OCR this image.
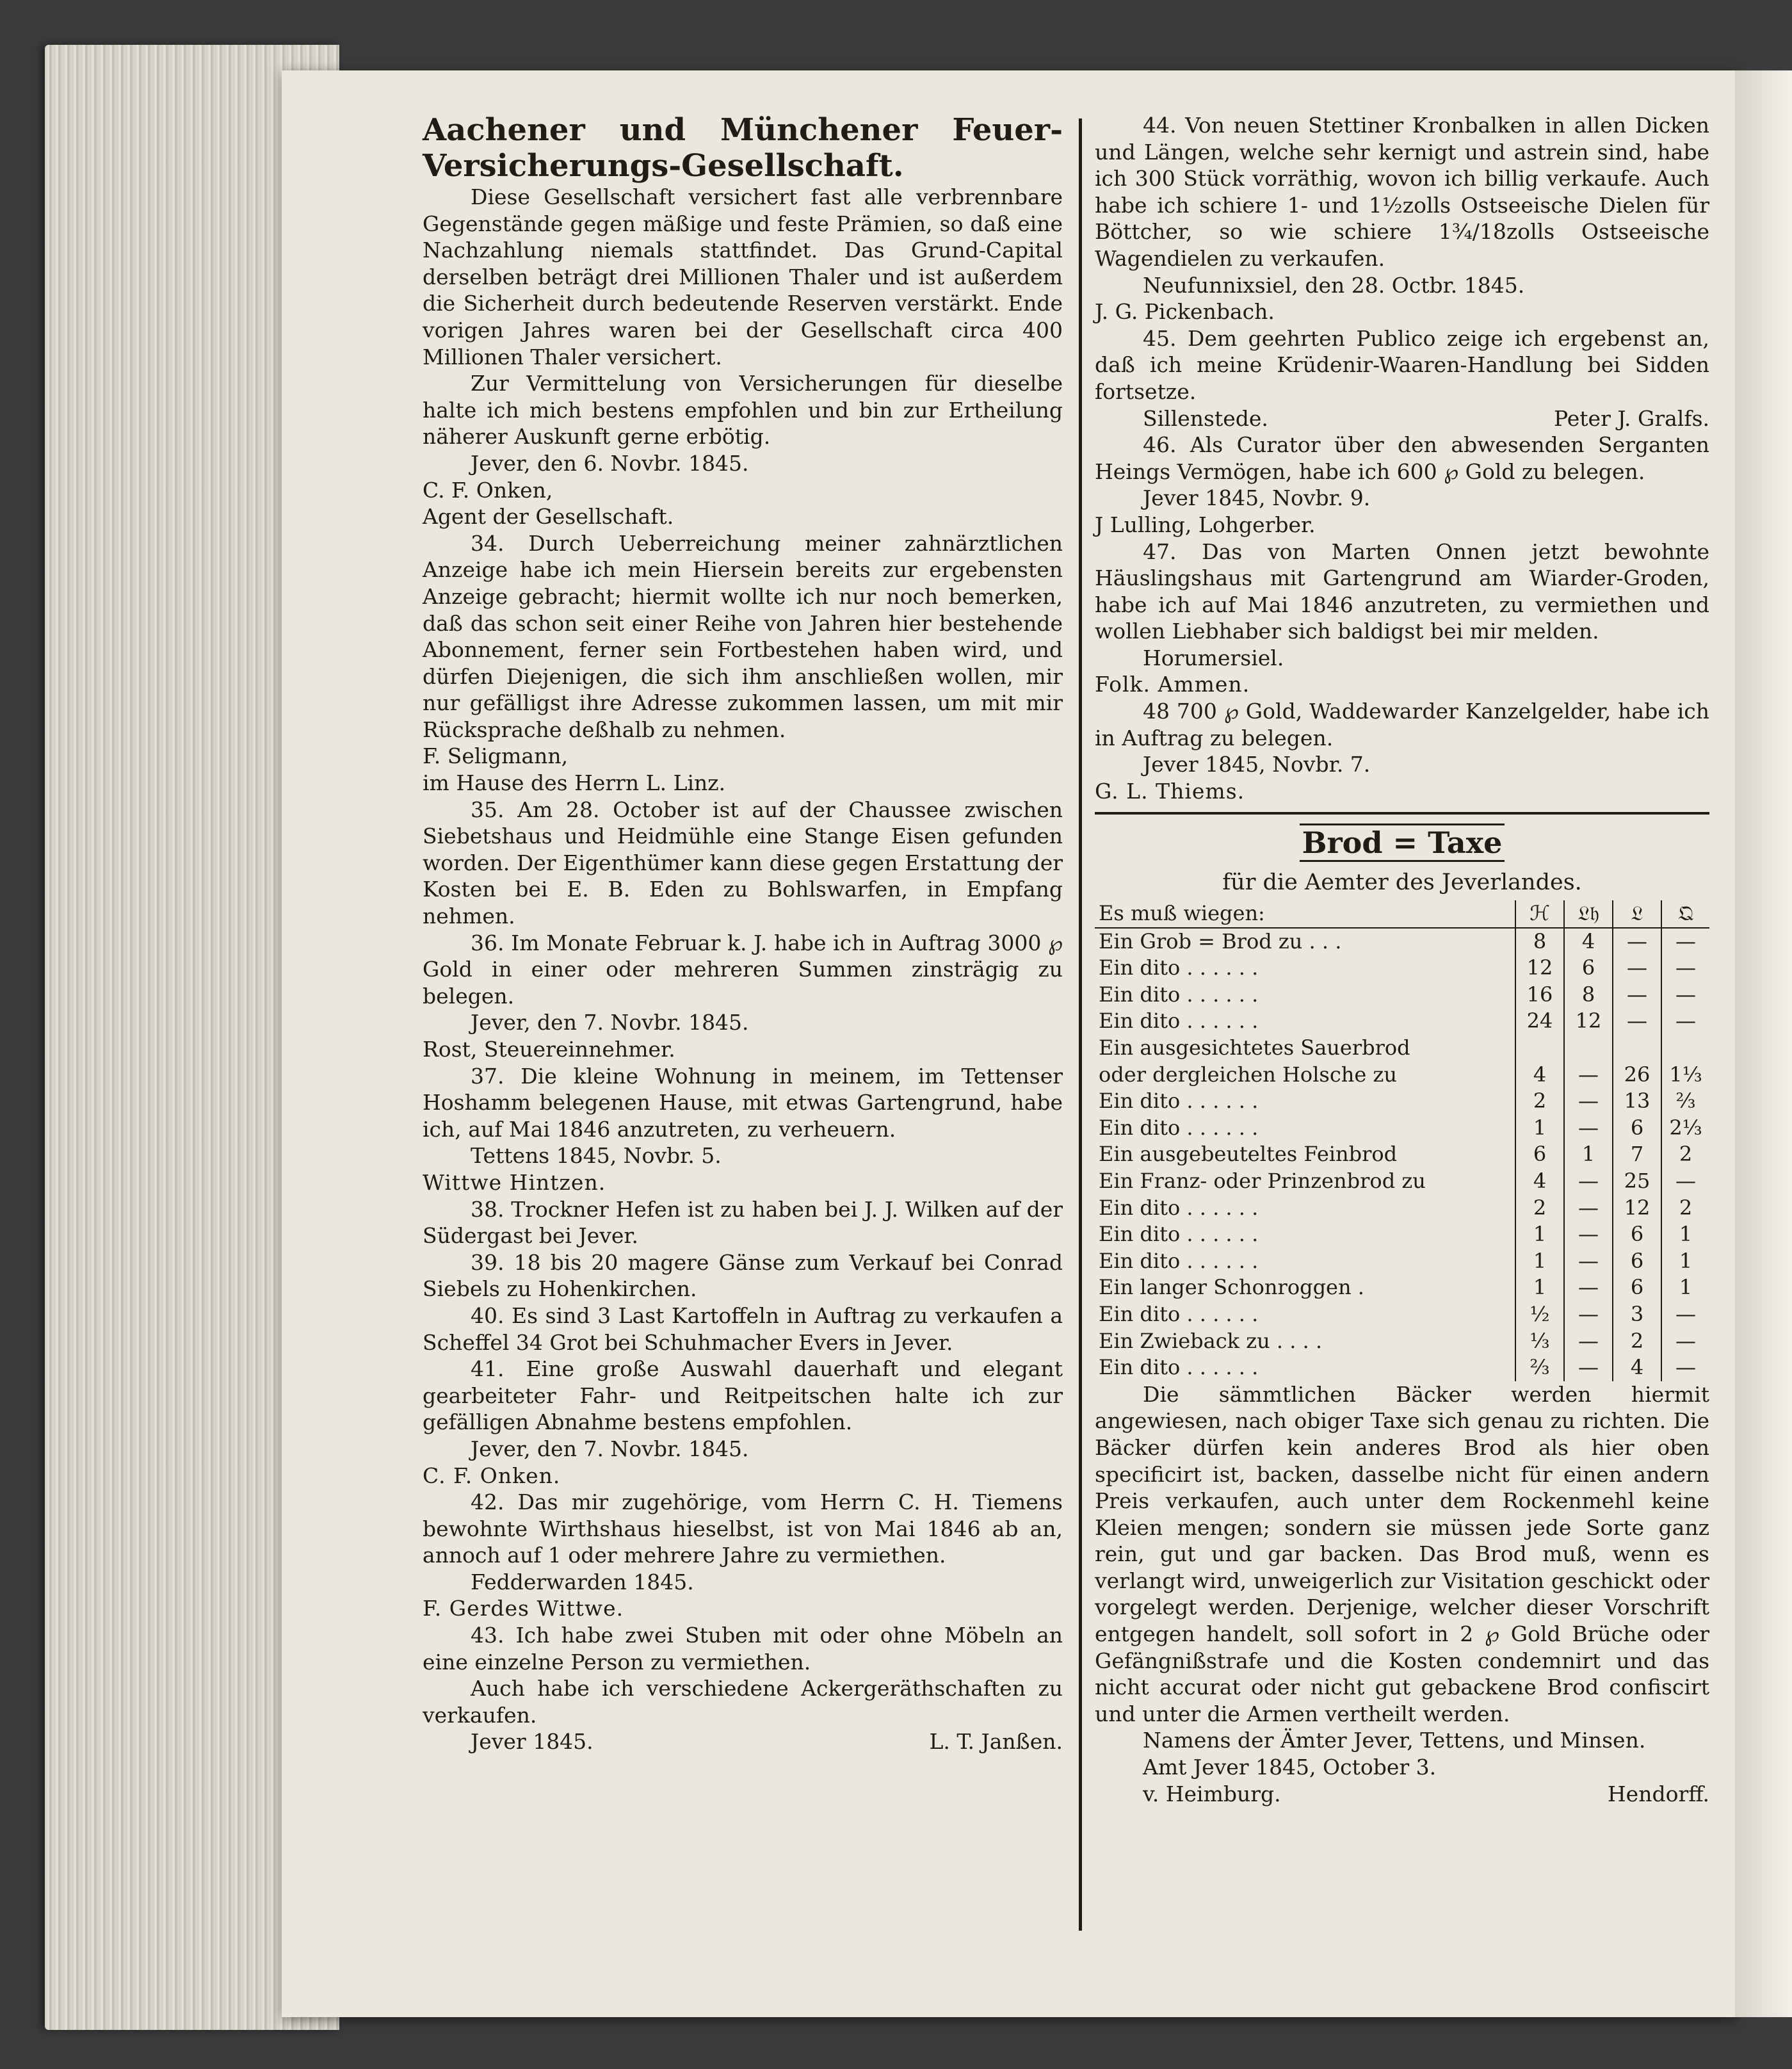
Aachener und Münchener Feuer-Versicherungs-Gesellschaft.

Diese Gesellschaft versichert fast alle verbrennbare Gegenstände gegen mäßige und feste Prämien, so daß eine Nachzahlung niemals stattfindet. Das Grund-Capital derselben beträgt drei Millionen Thaler und ist außerdem die Sicherheit durch bedeutende Reserven verstärkt. Ende vorigen Jahres waren bei der Gesellschaft circa 400 Millionen Thaler versichert.

Zur Vermittelung von Versicherungen für dieselbe halte ich mich bestens empfohlen und bin zur Ertheilung näherer Auskunft gerne erbötig.

Jever, den 6. Novbr. 1845.

C. F. Onken,

Agent der Gesellschaft.

34. Durch Ueberreichung meiner zahnärztlichen Anzeige habe ich mein Hiersein bereits zur ergebensten Anzeige gebracht; hiermit wollte ich nur noch bemerken, daß das schon seit einer Reihe von Jahren hier bestehende Abonnement, ferner sein Fortbestehen haben wird, und dürfen Diejenigen, die sich ihm anschließen wollen, mir nur gefälligst ihre Adresse zukommen lassen, um mit mir Rücksprache deßhalb zu nehmen.

F. Seligmann,

im Hause des Herrn L. Linz.

35. Am 28. October ist auf der Chaussee zwischen Siebetshaus und Heidmühle eine Stange Eisen gefunden worden. Der Eigenthümer kann diese gegen Erstattung der Kosten bei E. B. Eden zu Bohlswarfen, in Empfang nehmen.

36. Im Monate Februar k. J. habe ich in Auftrag 3000 ℘ Gold in einer oder mehreren Summen zinsträgig zu belegen.

Jever, den 7. Novbr. 1845.

Rost, Steuereinnehmer.

37. Die kleine Wohnung in meinem, im Tettenser Hoshamm belegenen Hause, mit etwas Gartengrund, habe ich, auf Mai 1846 anzutreten, zu verheuern.

Tettens 1845, Novbr. 5.

Wittwe Hintzen.

38. Trockner Hefen ist zu haben bei J. J. Wilken auf der Südergast bei Jever.

39. 18 bis 20 magere Gänse zum Verkauf bei Conrad Siebels zu Hohenkirchen.

40. Es sind 3 Last Kartoffeln in Auftrag zu verkaufen a Scheffel 34 Grot bei Schuhmacher Evers in Jever.

41. Eine große Auswahl dauerhaft und elegant gearbeiteter Fahr- und Reitpeitschen halte ich zur gefälligen Abnahme bestens empfohlen.

Jever, den 7. Novbr. 1845.

C. F. Onken.

42. Das mir zugehörige, vom Herrn C. H. Tiemens bewohnte Wirthshaus hieselbst, ist von Mai 1846 ab an, annoch auf 1 oder mehrere Jahre zu vermiethen.

Fedderwarden 1845.

F. Gerdes Wittwe.

43. Ich habe zwei Stuben mit oder ohne Möbeln an eine einzelne Person zu vermiethen.

Auch habe ich verschiedene Ackergeräthschaften zu verkaufen.

Jever 1845.	L. T. Janßen.

44. Von neuen Stettiner Kronbalken in allen Dicken und Längen, welche sehr kernigt und astrein sind, habe ich 300 Stück vorräthig, wovon ich billig verkaufe. Auch habe ich schiere 1- und 1½zolls Ostseeische Dielen für Böttcher, so wie schiere 1¾/18zolls Ostseeische Wagendielen zu verkaufen.

Neufunnixsiel, den 28. Octbr. 1845.

J. G. Pickenbach.

45. Dem geehrten Publico zeige ich ergebenst an, daß ich meine Krüdenir-Waaren-Handlung bei Sidden fortsetze.

Sillenstede.	Peter J. Gralfs.

46. Als Curator über den abwesenden Serganten Heings Vermögen, habe ich 600 ℘ Gold zu belegen.

Jever 1845, Novbr. 9.

J Lulling, Lohgerber.

47. Das von Marten Onnen jetzt bewohnte Häuslingshaus mit Gartengrund am Wiarder-Groden, habe ich auf Mai 1846 anzutreten, zu vermiethen und wollen Liebhaber sich baldigst bei mir melden.

Horumersiel.

Folk. Ammen.

48 700 ℘ Gold, Waddewarder Kanzelgelder, habe ich in Auftrag zu belegen.

Jever 1845, Novbr. 7.

G. L. Thiems.

Brod = Taxe
für die Aemter des Jeverlandes.
Es muß wiegen:	ℋ	𝔏𝔥	𝔏	𝔔
Ein Grob = Brod zu . . .	8	4	—	—
Ein dito . . . . . .	12	6	—	—
Ein dito . . . . . .	16	8	—	—
Ein dito . . . . . .	24	12	—	—
Ein ausgesichtetes Sauerbrod				
oder dergleichen Holsche zu	4	—	26	1⅓
Ein dito . . . . . .	2	—	13	⅔
Ein dito . . . . . .	1	—	6	2⅓
Ein ausgebeuteltes Feinbrod	6	1	7	2
Ein Franz- oder Prinzenbrod zu	4	—	25	—
Ein dito . . . . . .	2	—	12	2
Ein dito . . . . . .	1	—	6	1
Ein dito . . . . . .	1	—	6	1
Ein langer Schonroggen .	1	—	6	1
Ein dito . . . . . .	½	—	3	—
Ein Zwieback zu . . . .	⅓	—	2	—
Ein dito . . . . . .	⅔	—	4	—

Die sämmtlichen Bäcker werden hiermit angewiesen, nach obiger Taxe sich genau zu richten. Die Bäcker dürfen kein anderes Brod als hier oben specificirt ist, backen, dasselbe nicht für einen andern Preis verkaufen, auch unter dem Rockenmehl keine Kleien mengen; sondern sie müssen jede Sorte ganz rein, gut und gar backen. Das Brod muß, wenn es verlangt wird, unweigerlich zur Visitation geschickt oder vorgelegt werden. Derjenige, welcher dieser Vorschrift entgegen handelt, soll sofort in 2 ℘ Gold Brüche oder Gefängnißstrafe und die Kosten condemnirt und das nicht accurat oder nicht gut gebackene Brod confiscirt und unter die Armen vertheilt werden.

Namens der Ämter Jever, Tettens, und Minsen.

Amt Jever 1845, October 3.

v. Heimburg.	Hendorff.
